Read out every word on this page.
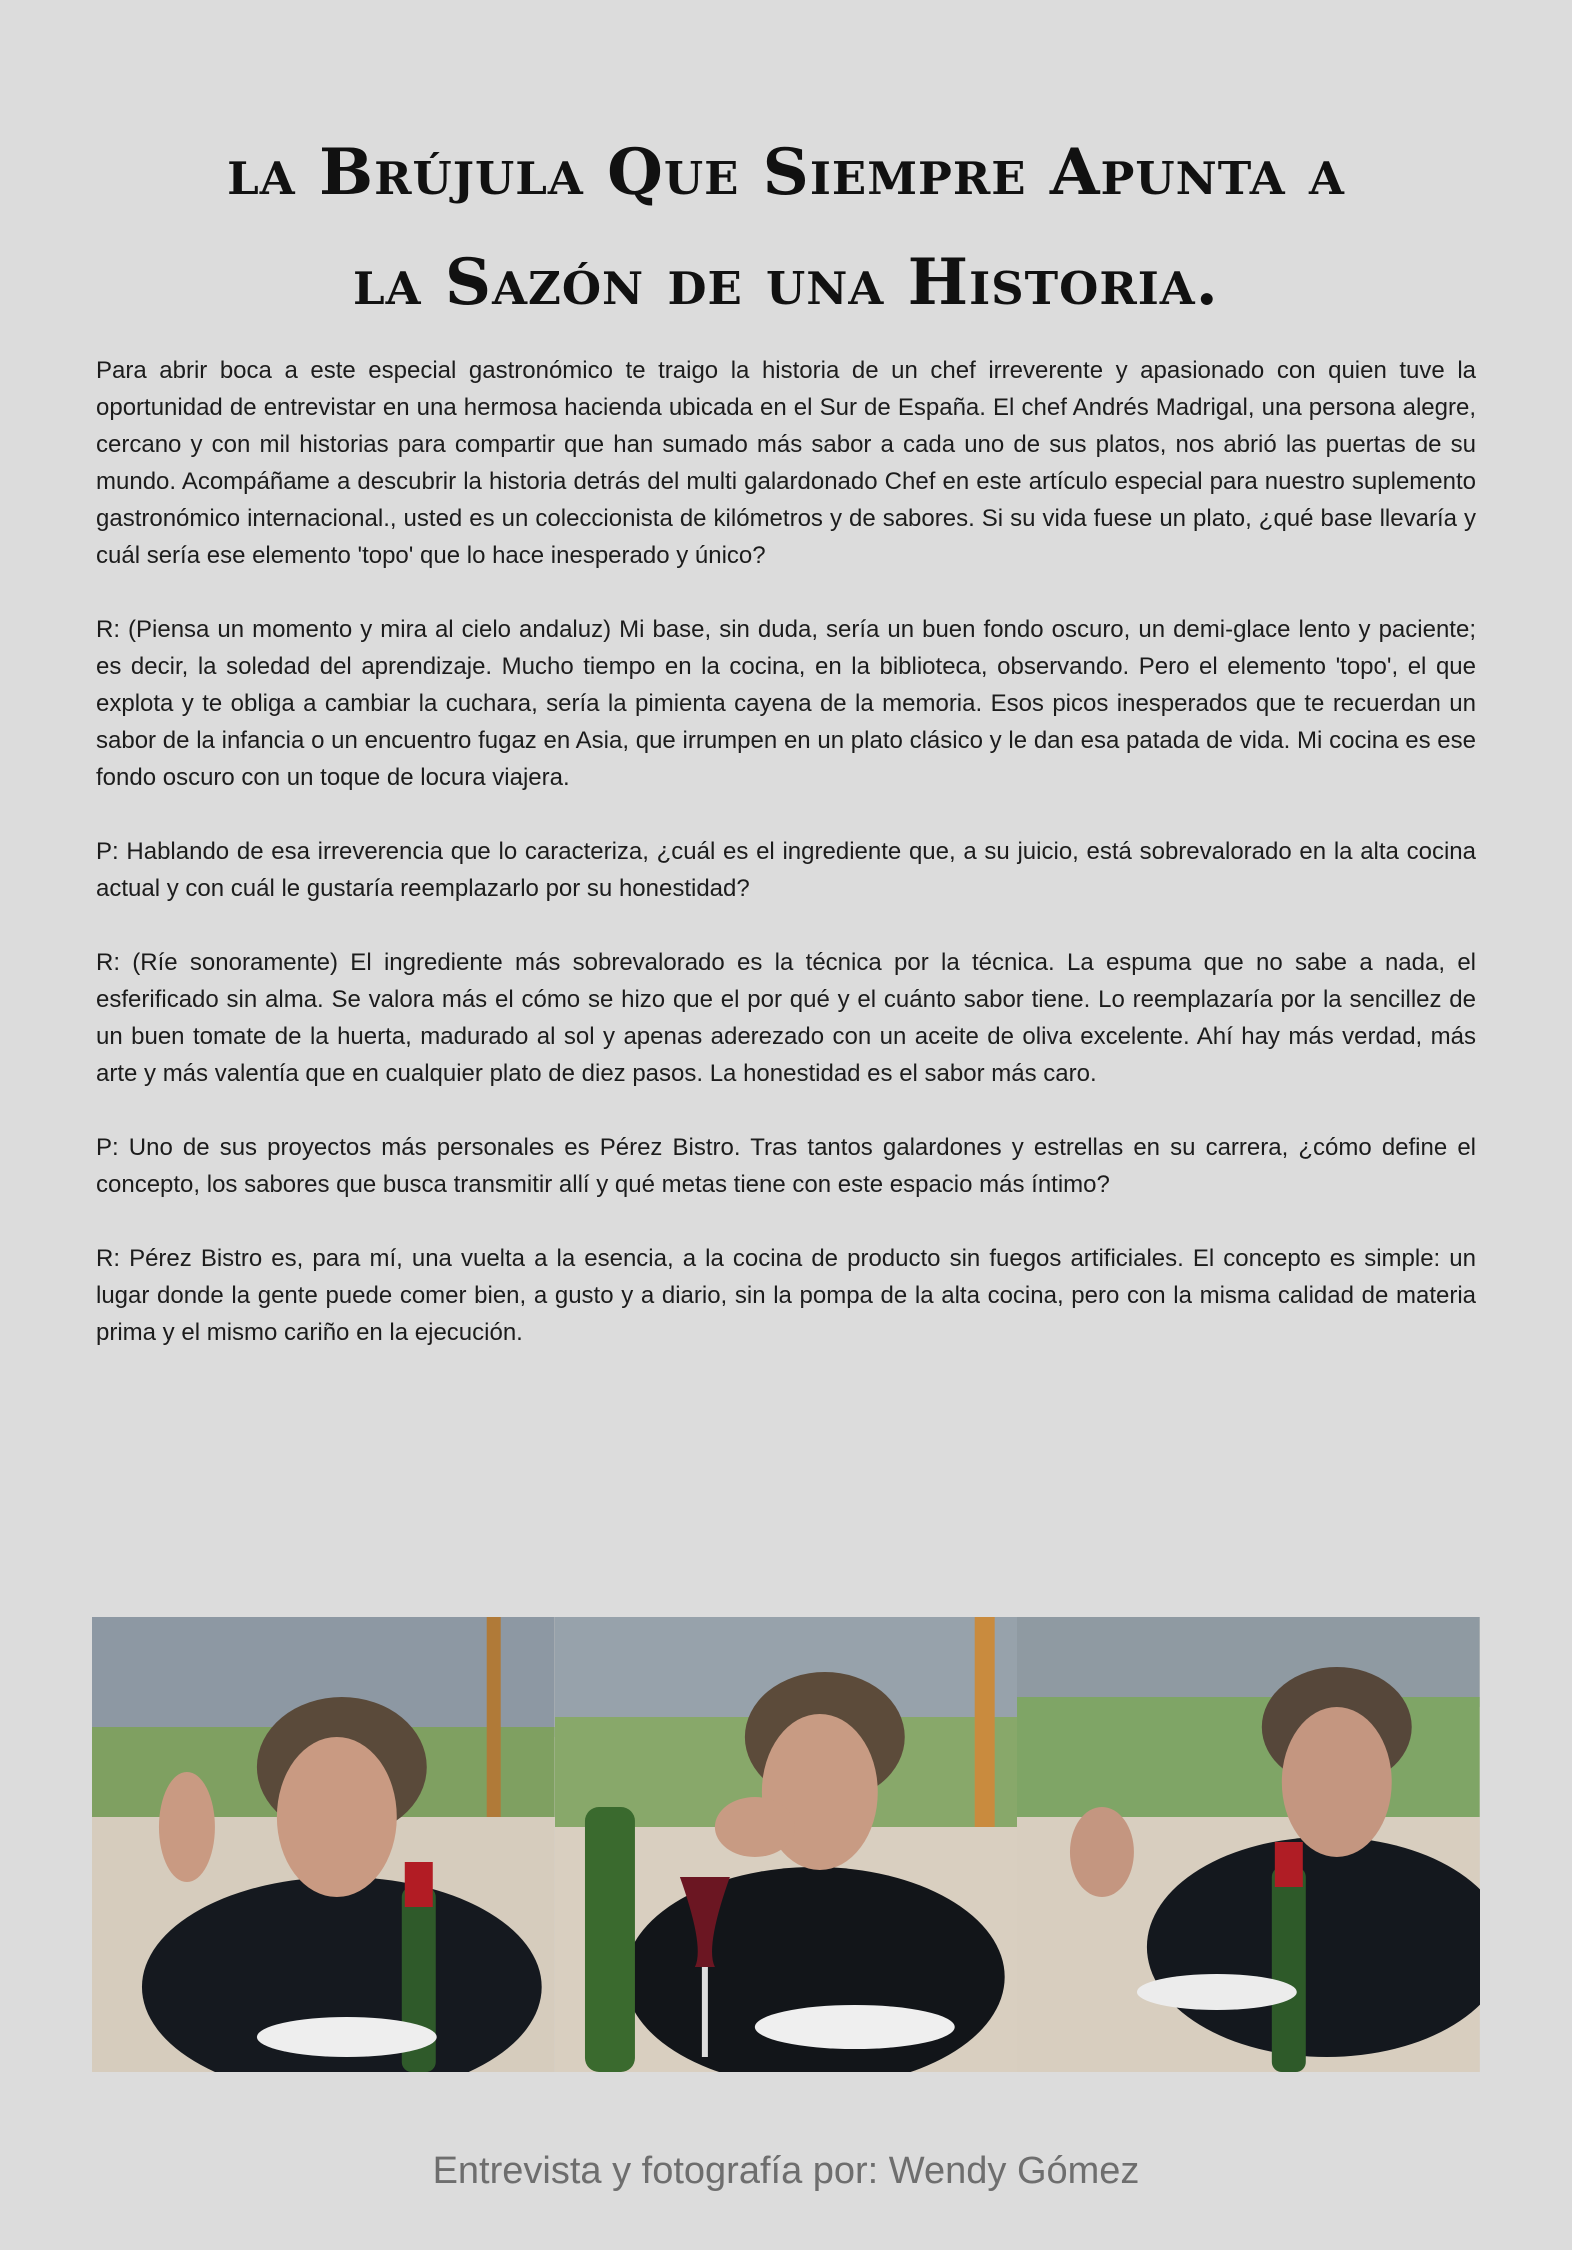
la Brújula Que Siempre Apunta a
la Sazón de una Historia.

Para abrir boca a este especial gastronómico te traigo la historia de un chef irreverente y apasionado con quien tuve la oportunidad de entrevistar en una hermosa hacienda ubicada en el Sur de España. El chef Andrés Madrigal, una persona alegre, cercano y con mil historias para compartir que han sumado más sabor a cada uno de sus platos, nos abrió las puertas de su mundo. Acompáñame a descubrir la historia detrás del multi galardonado Chef en este artículo especial para nuestro suplemento gastronómico internacional., usted es un coleccionista de kilómetros y de sabores. Si su vida fuese un plato, ¿qué base llevaría y cuál sería ese elemento 'topo' que lo hace inesperado y único?

R: (Piensa un momento y mira al cielo andaluz) Mi base, sin duda, sería un buen fondo oscuro, un demi-glace lento y paciente; es decir, la soledad del aprendizaje. Mucho tiempo en la cocina, en la biblioteca, observando. Pero el elemento 'topo', el que explota y te obliga a cambiar la cuchara, sería la pimienta cayena de la memoria. Esos picos inesperados que te recuerdan un sabor de la infancia o un encuentro fugaz en Asia, que irrumpen en un plato clásico y le dan esa patada de vida. Mi cocina es ese fondo oscuro con un toque de locura viajera.

P: Hablando de esa irreverencia que lo caracteriza, ¿cuál es el ingrediente que, a su juicio, está sobrevalorado en la alta cocina actual y con cuál le gustaría reemplazarlo por su honestidad?

R: (Ríe sonoramente) El ingrediente más sobrevalorado es la técnica por la técnica. La espuma que no sabe a nada, el esferificado sin alma. Se valora más el cómo se hizo que el por qué y el cuánto sabor tiene. Lo reemplazaría por la sencillez de un buen tomate de la huerta, madurado al sol y apenas aderezado con un aceite de oliva excelente. Ahí hay más verdad, más arte y más valentía que en cualquier plato de diez pasos. La honestidad es el sabor más caro.

P: Uno de sus proyectos más personales es Pérez Bistro. Tras tantos galardones y estrellas en su carrera, ¿cómo define el concepto, los sabores que busca transmitir allí y qué metas tiene con este espacio más íntimo?

R: Pérez Bistro es, para mí, una vuelta a la esencia, a la cocina de producto sin fuegos artificiales. El concepto es simple: un lugar donde la gente puede comer bien, a gusto y a diario, sin la pompa de la alta cocina, pero con la misma calidad de materia prima y el mismo cariño en la ejecución.

Entrevista y fotografía por: Wendy Gómez
